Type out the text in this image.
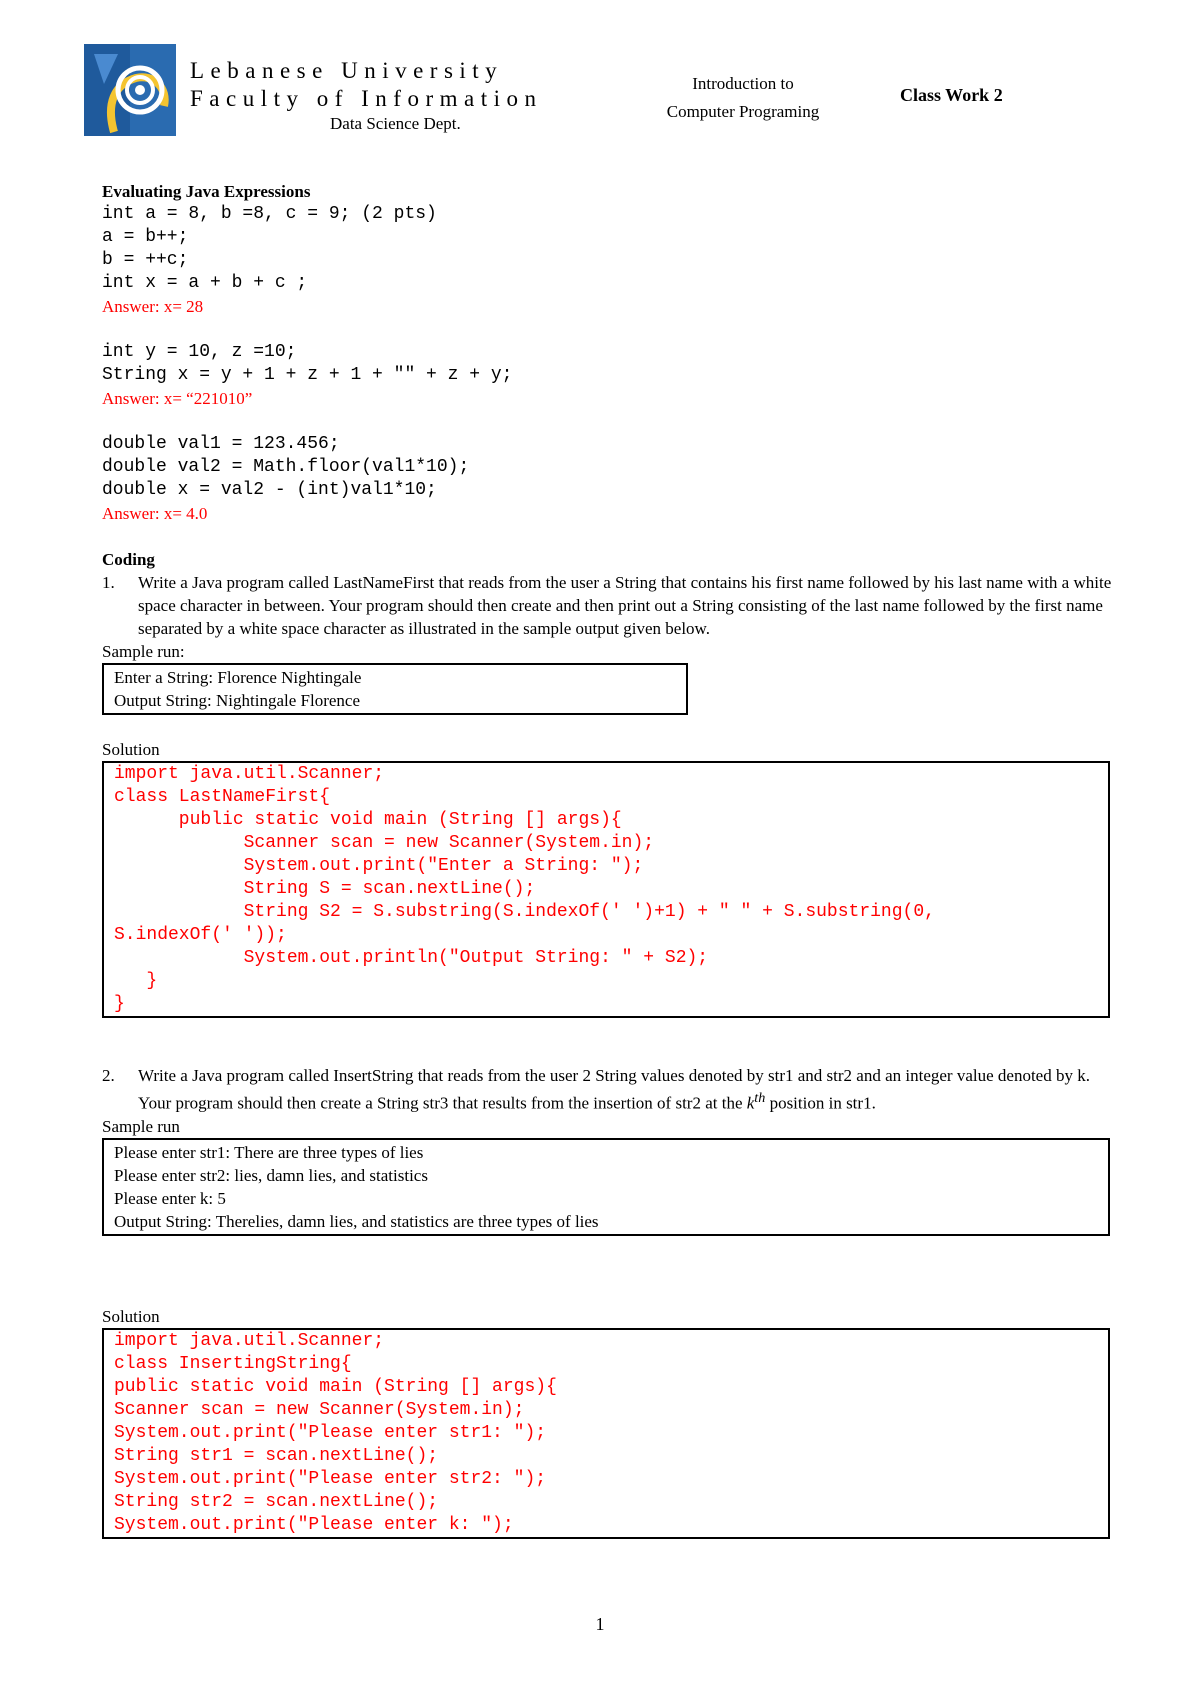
Lebanese University
Faculty of Information
Data Science Dept.
Introduction to
Computer Programing
Class Work 2
Evaluating Java Expressions
int a = 8, b =8, c = 9; (2 pts)
a = b++;
b = ++c;
int x = a + b + c ;
Answer: x= 28
int y = 10, z =10;
String x = y + 1 + z + 1 + "" + z + y;
Answer: x= “221010”
double val1 = 123.456;
double val2 = Math.floor(val1*10);
double x = val2 - (int)val1*10;
Answer: x= 4.0
Coding
1.	Write a Java program called LastNameFirst that reads from the user a String that contains his first name followed by his last name with a white space character in between. Your program should then create and then print out a String consisting of the last name followed by the first name separated by a white space character as illustrated in the sample output given below.
Sample run:
Enter a String: Florence Nightingale
Output String: Nightingale Florence
Solution
import java.util.Scanner;
class LastNameFirst{
public static void main (String [] args){
Scanner scan = new Scanner(System.in);
System.out.print("Enter a String: ");
String S = scan.nextLine();
String S2 = S.substring(S.indexOf(' ')+1) + " " + S.substring(0,
S.indexOf(' '));
System.out.println("Output String: " + S2);
}
}
2.	Write a Java program called InsertString that reads from the user 2 String values denoted by str1 and str2 and an integer value denoted by k. Your program should then create a String str3 that results from the insertion of str2 at the $k^{th}$ position in str1.
Sample run
Please enter str1: There are three types of lies
Please enter str2: lies, damn lies, and statistics
Please enter k: 5
Output String: Therelies, damn lies, and statistics are three types of lies
Solution
import java.util.Scanner;
class InsertingString{
public static void main (String [] args){
Scanner scan = new Scanner(System.in);
System.out.print("Please enter str1: ");
String str1 = scan.nextLine();
System.out.print("Please enter str2: ");
String str2 = scan.nextLine();
System.out.print("Please enter k: ");
1
